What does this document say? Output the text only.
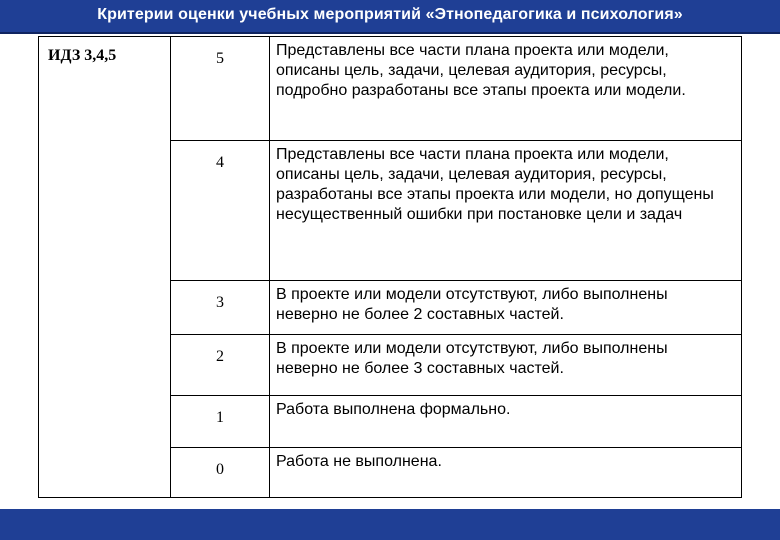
Критерии оценки учебных мероприятий «Этнопедагогика и психология»
ИДЗ 3,4,5	5	Представлены все части плана проекта или модели, описаны цель, задачи, целевая аудитория, ресурсы, подробно разработаны все этапы проекта или модели.

	4	Представлены все части плана проекта или модели, описаны цель, задачи, целевая аудитория, ресурсы, разработаны все этапы проекта или модели, но допущены несущественный ошибки при постановке цели и задач

	3	В проекте или модели отсутствуют, либо выполнены неверно не более 2 составных частей.

	2	В проекте или модели отсутствуют, либо выполнены неверно не более 3 составных частей.

	1	Работа выполнена формально.

	0	Работа не выполнена.
